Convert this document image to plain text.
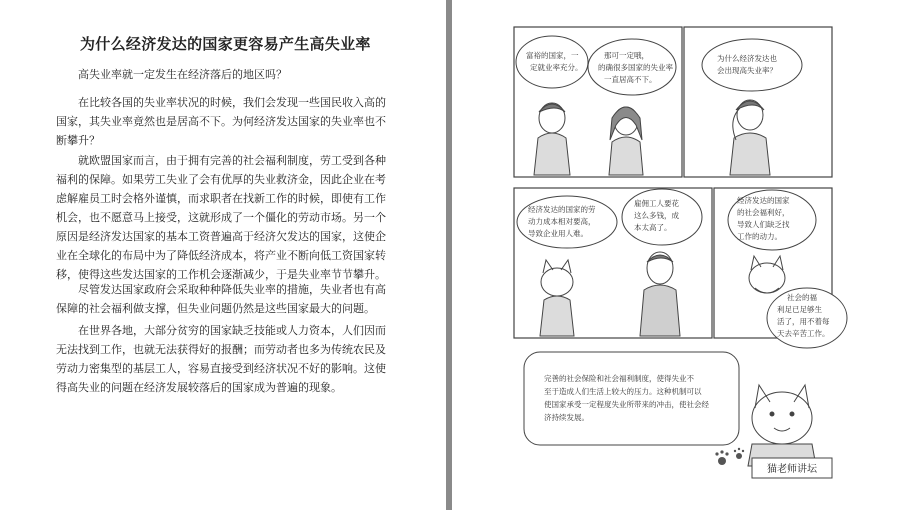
为什么经济发达的国家更容易产生高失业率

高失业率就一定发生在经济落后的地区吗？

在比较各国的失业率状况的时候，我们会发现一些国民收入高的国家，其失业率竟然也是居高不下。为何经济发达国家的失业率也不断攀升？

就欧盟国家而言，由于拥有完善的社会福利制度，劳工受到各种福利的保障。如果劳工失业了会有优厚的失业救济金，因此企业在考虑解雇员工时会格外谨慎，而求职者在找新工作的时候，即使有工作机会，也不愿意马上接受，这就形成了一个僵化的劳动市场。另一个原因是经济发达国家的基本工资普遍高于经济欠发达的国家，这使企业在全球化的布局中为了降低经济成本，将产业不断向低工资国家转移，使得这些发达国家的工作机会逐渐减少，于是失业率节节攀升。

尽管发达国家政府会采取种种降低失业率的措施，失业者也有高保障的社会福利做支撑，但失业问题仍然是这些国家最大的问题。

在世界各地，大部分贫穷的国家缺乏技能或人力资本，人们因而无法找到工作，也就无法获得好的报酬；而劳动者也多为传统农民及劳动力密集型的基层工人，容易直接受到经济状况不好的影响。这使得高失业的问题在经济发展较落后的国家成为普遍的现象。

富裕的国家，一 定就业率充分。
那可一定哦， 的确很多国家的失业率 一直居高不下。
为什么经济发达也 会出现高失业率？
经济发达的国家的劳 动力成本相对要高， 导致企业用人难。
雇佣工人要花 这么多钱，成 本太高了。
经济发达的国家 的社会福利好， 导致人们缺乏找 工作的动力。
社会的福 利足已足够生 活了，用不着每 天去辛苦工作。
完善的社会保险和社会福利制度，使得失业不 至于造成人们生活上较大的压力。这种机制可以 使国家承受一定程度失业所带来的冲击，使社会经 济持续发展。
猫老师讲坛
